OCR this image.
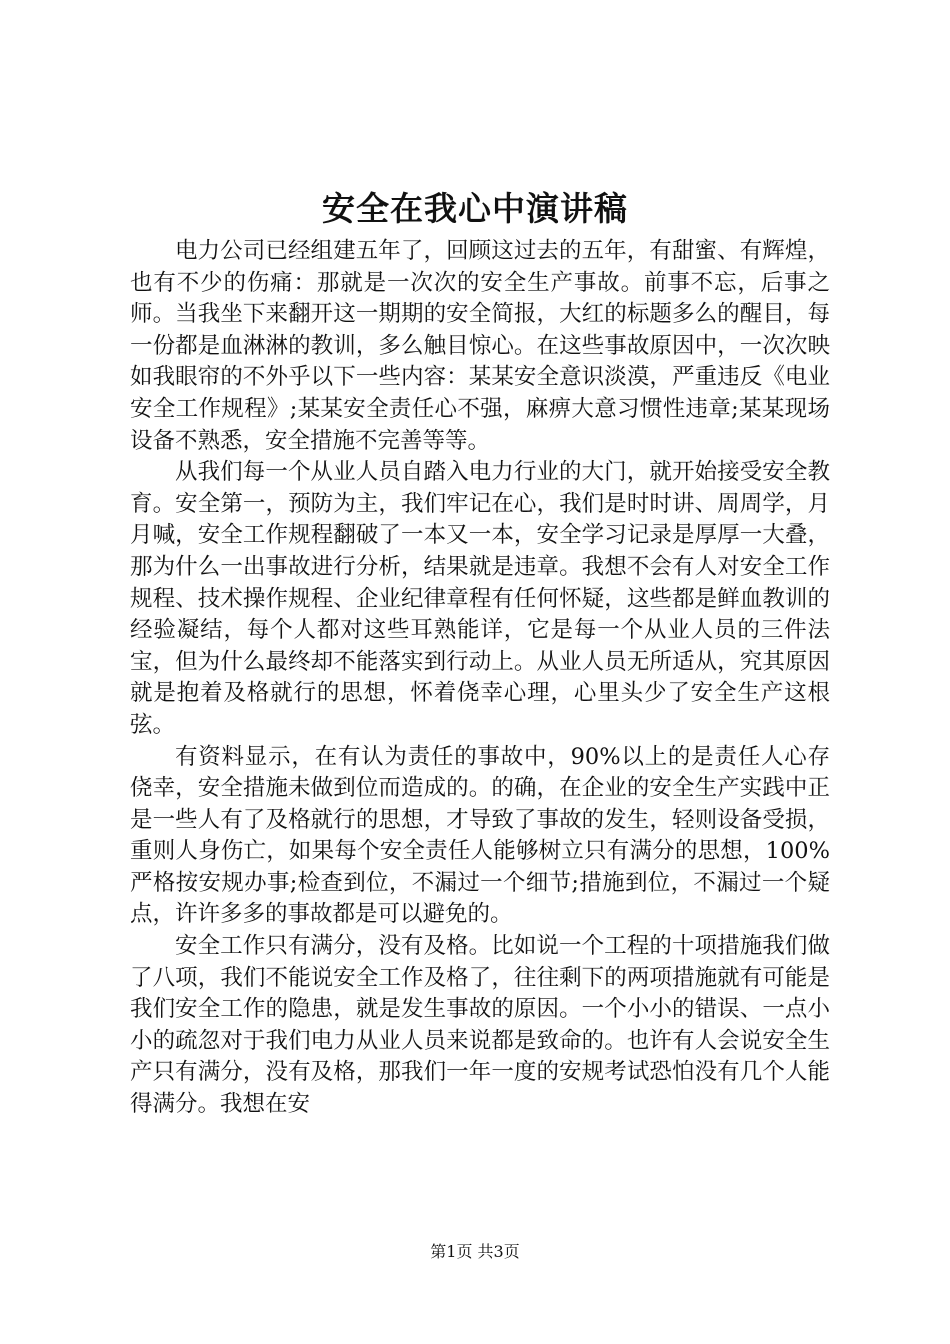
安全在我心中演讲稿

电力公司已经组建五年了，回顾这过去的五年，有甜蜜、有辉煌，也有不少的伤痛：那就是一次次的安全生产事故。前事不忘，后事之师。当我坐下来翻开这一期期的安全简报，大红的标题多么的醒目，每一份都是血淋淋的教训，多么触目惊心。在这些事故原因中，一次次映如我眼帘的不外乎以下一些内容：某某安全意识淡漠，严重违反《电业安全工作规程》;某某安全责任心不强，麻痹大意习惯性违章;某某现场设备不熟悉，安全措施不完善等等。

从我们每一个从业人员自踏入电力行业的大门，就开始接受安全教育。安全第一，预防为主，我们牢记在心，我们是时时讲、周周学，月月喊，安全工作规程翻破了一本又一本，安全学习记录是厚厚一大叠，那为什么一出事故进行分析，结果就是违章。我想不会有人对安全工作规程、技术操作规程、企业纪律章程有任何怀疑，这些都是鲜血教训的经验凝结，每个人都对这些耳熟能详，它是每一个从业人员的三件法宝，但为什么最终却不能落实到行动上。从业人员无所适从，究其原因就是抱着及格就行的思想，怀着侥幸心理，心里头少了安全生产这根弦。

有资料显示，在有认为责任的事故中，90%以上的是责任人心存侥幸，安全措施未做到位而造成的。的确，在企业的安全生产实践中正是一些人有了及格就行的思想，才导致了事故的发生，轻则设备受损，重则人身伤亡，如果每个安全责任人能够树立只有满分的思想，100%严格按安规办事;检查到位，不漏过一个细节;措施到位，不漏过一个疑点，许许多多的事故都是可以避免的。

安全工作只有满分，没有及格。比如说一个工程的十项措施我们做了八项，我们不能说安全工作及格了，往往剩下的两项措施就有可能是我们安全工作的隐患，就是发生事故的原因。一个小小的错误、一点小小的疏忽对于我们电力从业人员来说都是致命的。也许有人会说安全生产只有满分，没有及格，那我们一年一度的安规考试恐怕没有几个人能得满分。我想在安

第1页 共3页
